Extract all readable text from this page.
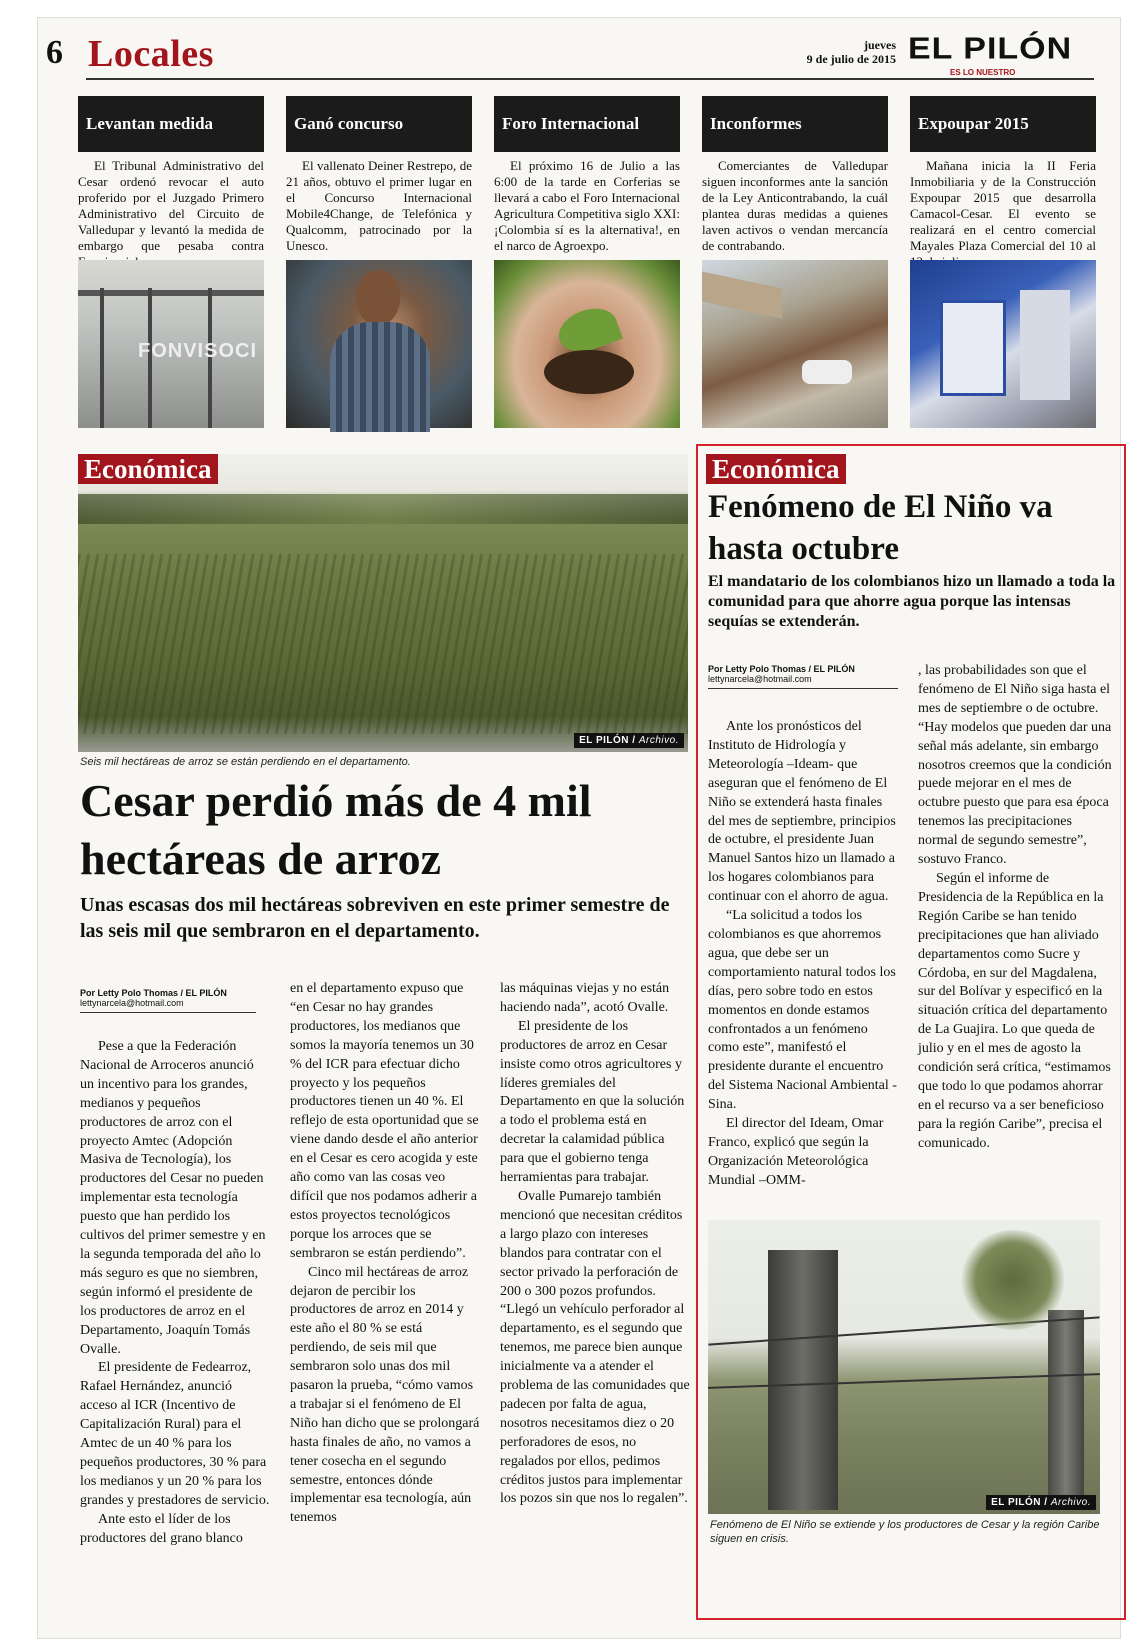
6 Locales	jueves
9 de julio de 2015 EL PILÓN
ES LO NUESTRO
Levantan medida
El Tribunal Administrativo del Cesar ordenó revocar el auto proferido por el Juzgado Primero Administrativo del Circuito de Valledupar y levantó la medida de embargo que pesaba contra
FONVISOCI
Ganó concurso
El vallenato Deiner Restrepo, de 21 años, obtuvo el primer lugar en el Concurso Internacional Mobile4Change, de Telefónica y Qualcomm, patrocinado por la Unesco.
Foro Internacional
El próximo 16 de Julio a las 6:00 de la tarde en Corferias se llevará a cabo el Foro Internacional Agricultura Competitiva siglo XXI: ¡Colombia sí es la alternativa!, en el narco de Agroexpo.
Inconformes
Comerciantes de Valledupar siguen inconformes ante la sanción de la Ley Anticontrabando, la cuál plantea duras medidas a quienes laven activos o vendan mercancía de contrabando.
Expoupar 2015
Mañana inicia la II Feria Inmobiliaria y de la Construcción Expoupar 2015 que desarrolla Camacol-Cesar. El evento se realizará en el centro comercial Mayales Plaza Comercial del 10 al
EL PILÓN / Archivo.
Económica
Seis mil hectáreas de arroz se están perdiendo en el departamento.
Cesar perdió más de 4 mil hectáreas de arroz
Unas escasas dos mil hectáreas sobreviven en este primer semestre de las seis mil que sembraron en el departamento.
Por Letty Polo Thomas / EL PILÓN
lettynarcela@hotmail.com

Pese a que la Federación Nacional de Arroceros anunció un incentivo para los grandes, medianos y pequeños productores de arroz con el proyecto Amtec (Adopción Masiva de Tecnología), los productores del Cesar no pueden implementar esta tecnología puesto que han perdido los cultivos del primer semestre y en la segunda temporada del año lo más seguro es que no siembren, según informó el presidente de los productores de arroz en el Departamento, Joaquín Tomás Ovalle.

El presidente de Fedearroz, Rafael Hernández, anunció acceso al ICR (Incentivo de Capitalización Rural) para el Amtec de un 40 % para los pequeños productores, 30 % para los medianos y un 20 % para los grandes y prestadores de servicio.

Ante esto el líder de los productores del grano blanco

en el departamento expuso que “en Cesar no hay grandes productores, los medianos que somos la mayoría tenemos un 30 % del ICR para efectuar dicho proyecto y los pequeños productores tienen un 40 %. El reflejo de esta oportunidad que se viene dando desde el año anterior en el Cesar es cero acogida y este año como van las cosas veo difícil que nos podamos adherir a estos proyectos tecnológicos porque los arroces que se sembraron se están perdiendo”.

Cinco mil hectáreas de arroz dejaron de percibir los productores de arroz en 2014 y este año el 80 % se está perdiendo, de seis mil que sembraron solo unas dos mil pasaron la prueba, “cómo vamos a trabajar si el fenómeno de El Niño han dicho que se prolongará hasta finales de año, no vamos a tener cosecha en el segundo semestre, entonces dónde implementar esa tecnología, aún tenemos

las máquinas viejas y no están haciendo nada”, acotó Ovalle.

El presidente de los productores de arroz en Cesar insiste como otros agricultores y líderes gremiales del Departamento en que la solución a todo el problema está en decretar la calamidad pública para que el gobierno tenga herramientas para trabajar.

Ovalle Pumarejo también mencionó que necesitan créditos a largo plazo con intereses blandos para contratar con el sector privado la perforación de 200 o 300 pozos profundos. “Llegó un vehículo perforador al departamento, es el segundo que tenemos, me parece bien aunque inicialmente va a atender el problema de las comunidades que padecen por falta de agua, nosotros necesitamos diez o 20 perforadores de esos, no regalados por ellos, pedimos créditos justos para implementar los pozos sin que nos lo regalen”.

Económica
Fenómeno de El Niño va hasta octubre
El mandatario de los colombianos hizo un llamado a toda la comunidad para que ahorre agua porque las intensas sequías se extenderán.
Por Letty Polo Thomas / EL PILÓN
lettynarcela@hotmail.com

Ante los pronósticos del Instituto de Hidrología y Meteorología –Ideam- que aseguran que el fenómeno de El Niño se extenderá hasta finales del mes de septiembre, principios de octubre, el presidente Juan Manuel Santos hizo un llamado a los hogares colombianos para continuar con el ahorro de agua.

“La solicitud a todos los colombianos es que ahorremos agua, que debe ser un comportamiento natural todos los días, pero sobre todo en estos momentos en donde estamos confrontados a un fenómeno como este”, manifestó el presidente durante el encuentro del Sistema Nacional Ambiental -Sina.

El director del Ideam, Omar Franco, explicó que según la Organización Meteorológica Mundial –OMM-

, las probabilidades son que el fenómeno de El Niño siga hasta el mes de septiembre o de octubre. “Hay modelos que pueden dar una señal más adelante, sin embargo nosotros creemos que la condición puede mejorar en el mes de octubre puesto que para esa época tenemos las precipitaciones normal de segundo semestre”, sostuvo Franco.

Según el informe de Presidencia de la República en la Región Caribe se han tenido precipitaciones que han aliviado departamentos como Sucre y Córdoba, en sur del Magdalena, sur del Bolívar y especificó en la situación crítica del departamento de La Guajira. Lo que queda de julio y en el mes de agosto la condición será crítica, “estimamos que todo lo que podamos ahorrar en el recurso va a ser beneficioso para la región Caribe”, precisa el comunicado.

EL PILÓN / Archivo.
Fenómeno de El Niño se extiende y los productores de Cesar y la región Caribe siguen en crisis.
